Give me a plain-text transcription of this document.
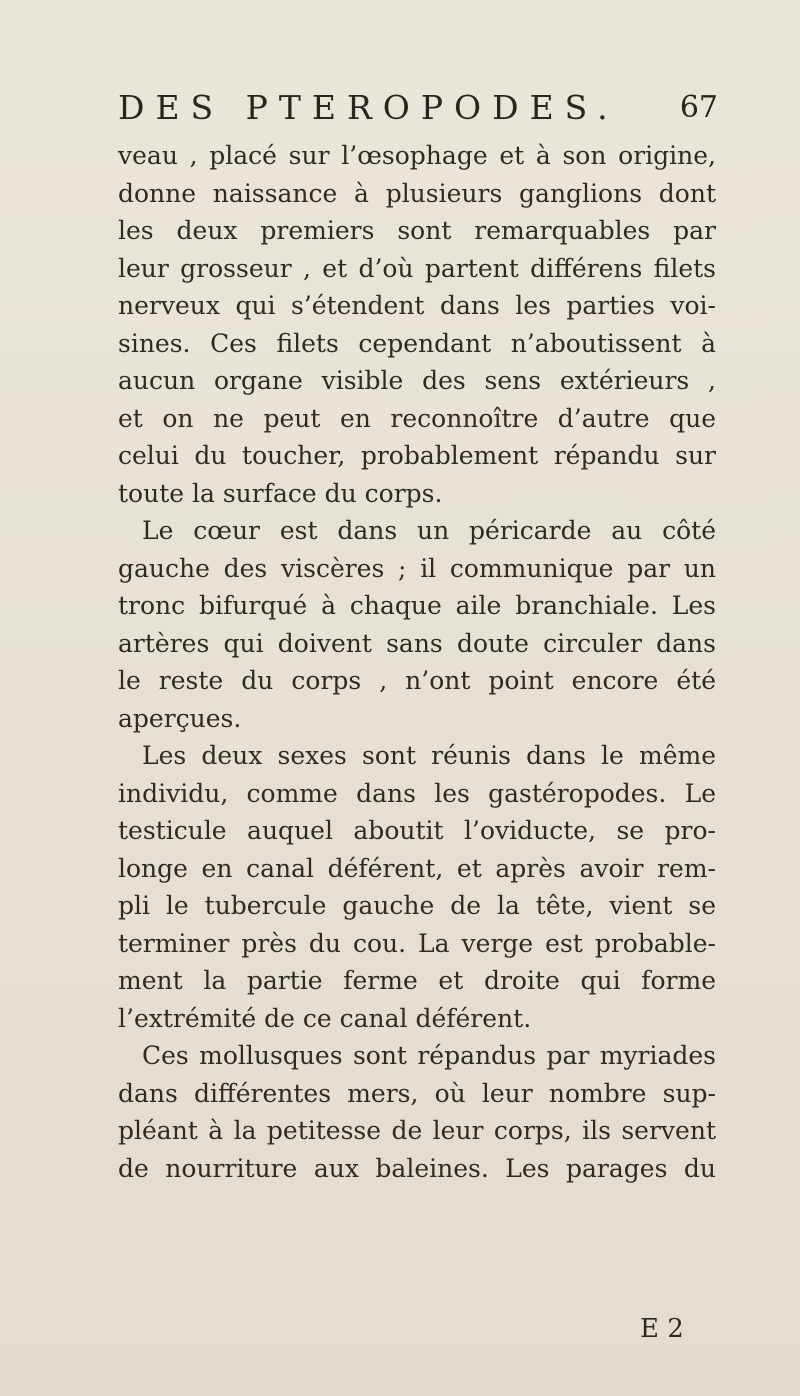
DES PTEROPODES. 67
veau , placé sur l’œsophage et à son origine,
donne naissance à plusieurs ganglions dont
les deux premiers sont remarquables par
leur grosseur , et d’où partent différens filets
nerveux qui s’étendent dans les parties voi-
sines. Ces filets cependant n’aboutissent à
aucun organe visible des sens extérieurs ,
et on ne peut en reconnoître d’autre que
celui du toucher, probablement répandu sur
toute la surface du corps.
Le cœur est dans un péricarde au côté
gauche des viscères ; il communique par un
tronc bifurqué à chaque aile branchiale. Les
artères qui doivent sans doute circuler dans
le reste du corps , n’ont point encore été
aperçues.
Les deux sexes sont réunis dans le même
individu, comme dans les gastéropodes. Le
testicule auquel aboutit l’oviducte, se pro-
longe en canal déférent, et après avoir rem-
pli le tubercule gauche de la tête, vient se
terminer près du cou. La verge est probable-
ment la partie ferme et droite qui forme
l’extrémité de ce canal déférent.
Ces mollusques sont répandus par myriades
dans différentes mers, où leur nombre sup-
pléant à la petitesse de leur corps, ils servent
de nourriture aux baleines. Les parages du
E 2
